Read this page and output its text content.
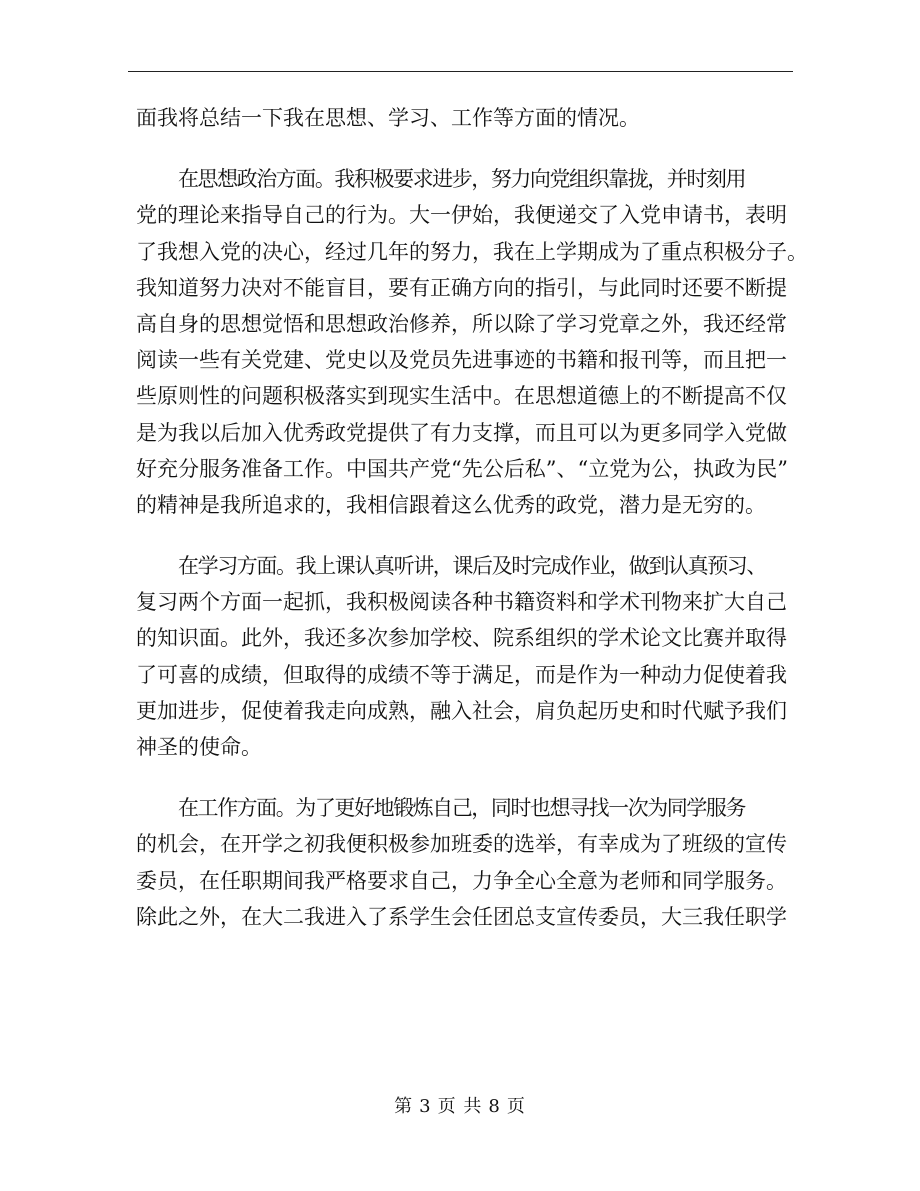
面我将总结一下我在思想、学习、工作等方面的情况。
在思想政治方面。我积极要求进步，努力向党组织靠拢，并时刻用
党的理论来指导自己的行为。大一伊始，我便递交了入党申请书，表明
了我想入党的决心，经过几年的努力，我在上学期成为了重点积极分子。
我知道努力决对不能盲目，要有正确方向的指引，与此同时还要不断提
高自身的思想觉悟和思想政治修养，所以除了学习党章之外，我还经常
阅读一些有关党建、党史以及党员先进事迹的书籍和报刊等，而且把一
些原则性的问题积极落实到现实生活中。在思想道德上的不断提高不仅
是为我以后加入优秀政党提供了有力支撑，而且可以为更多同学入党做
好充分服务准备工作。中国共产党“先公后私”、“立党为公，执政为民”
的精神是我所追求的，我相信跟着这么优秀的政党，潜力是无穷的。
在学习方面。我上课认真听讲，课后及时完成作业，做到认真预习、
复习两个方面一起抓，我积极阅读各种书籍资料和学术刊物来扩大自己
的知识面。此外，我还多次参加学校、院系组织的学术论文比赛并取得
了可喜的成绩，但取得的成绩不等于满足，而是作为一种动力促使着我
更加进步，促使着我走向成熟，融入社会，肩负起历史和时代赋予我们
神圣的使命。
在工作方面。为了更好地锻炼自己，同时也想寻找一次为同学服务
的机会，在开学之初我便积极参加班委的选举，有幸成为了班级的宣传
委员，在任职期间我严格要求自己，力争全心全意为老师和同学服务。
除此之外，在大二我进入了系学生会任团总支宣传委员，大三我任职学
第 3 页 共 8 页
